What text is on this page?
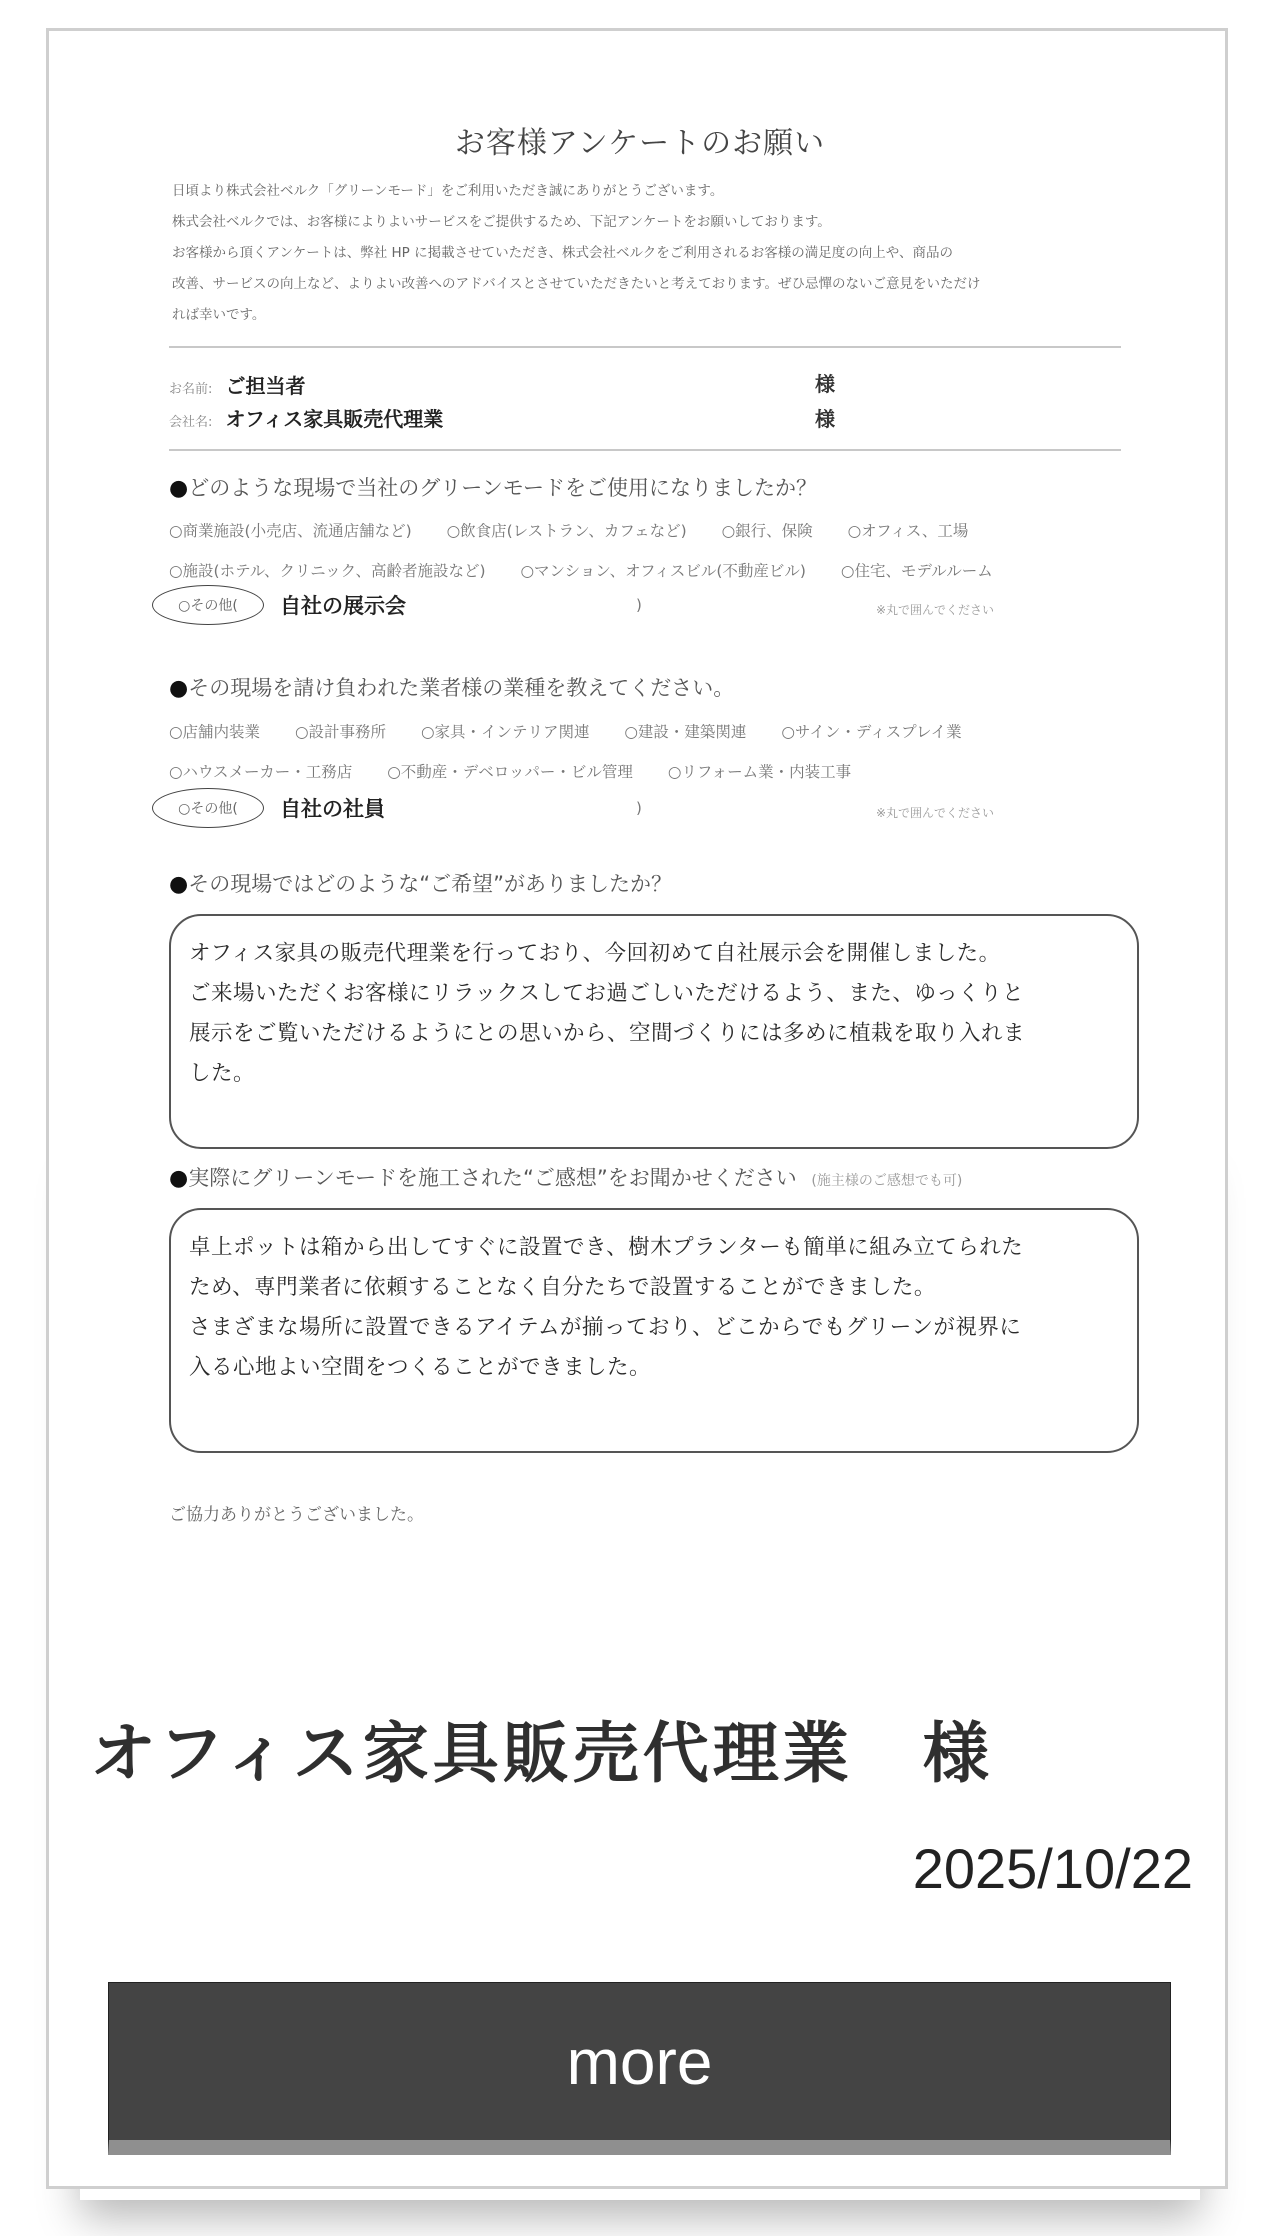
お客様アンケートのお願い
日頃より株式会社ベルク「グリーンモード」をご利用いただき誠にありがとうございます。
株式会社ベルクでは、お客様によりよいサービスをご提供するため、下記アンケートをお願いしております。
お客様から頂くアンケートは、弊社 HP に掲載させていただき、株式会社ベルクをご利用されるお客様の満足度の向上や、商品の
改善、サービスの向上など、よりよい改善へのアドバイスとさせていただきたいと考えております。ぜひ忌憚のないご意見をいただけ
れば幸いです。
お名前: ご担当者	様
会社名: オフィス家具販売代理業	様
●どのような現場で当社のグリーンモードをご使用になりましたか？
○商業施設(小売店、流通店舗など) ○飲食店(レストラン、カフェなど) ○銀行、保険 ○オフィス、工場
○施設(ホテル、クリニック、高齢者施設など) ○マンション、オフィスビル(不動産ビル) ○住宅、モデルルーム
○その他( 自社の展示会	)	※丸で囲んでください
●その現場を請け負われた業者様の業種を教えてください。
○店舗内装業 ○設計事務所 ○家具・インテリア関連 ○建設・建築関連 ○サイン・ディスプレイ業
○ハウスメーカー・工務店 ○不動産・デベロッパー・ビル管理 ○リフォーム業・内装工事
○その他( 自社の社員	)	※丸で囲んでください
●その現場ではどのような“ご希望”がありましたか？
オフィス家具の販売代理業を行っており、今回初めて自社展示会を開催しました。
ご来場いただくお客様にリラックスしてお過ごしいただけるよう、また、ゆっくりと
展示をご覧いただけるようにとの思いから、空間づくりには多めに植栽を取り入れま
した。
●実際にグリーンモードを施工された“ご感想”をお聞かせください (施主様のご感想でも可)
卓上ポットは箱から出してすぐに設置でき、樹木プランターも簡単に組み立てられた
ため、専門業者に依頼することなく自分たちで設置することができました。
さまざまな場所に設置できるアイテムが揃っており、どこからでもグリーンが視界に
入る心地よい空間をつくることができました。
ご協力ありがとうございました。
オフィス家具販売代理業　様
2025/10/22
more
